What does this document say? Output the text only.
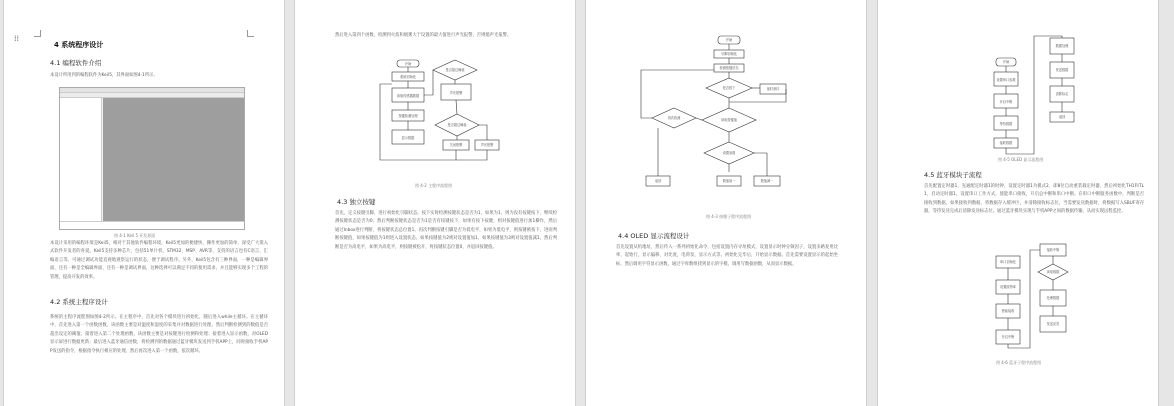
⁞⁞
4 系统程序设计
4.1 编程软件介绍
本设计所用到的编程软件为Keil5，其界面如图4-1所示。
图 4-1 Keil 5 开发界面
本设计采用的编程环境是Keil5，相对于其他软件编程环境，Keil5更加的便捷快，操作更加的简单，深受广大嵌入式软件开发者的喜爱。Keil5支持多种芯片，包括51单片机、STM32、MSP、AVR等，支持的语言也有C语言、汇编语言等。可通过调试功能直观地观察运行的状态，便于调试程序。另外，Keil5包含有三种界面，一种是编辑界面，还有一种是全编辑界面，还有一种是调试界面，这种选择可以满足不同的使用需求，并且能够实现多个工程的管理，提高开发的效率。
4.2 系统主程序设计
系统的主程序流程图如图4-2所示。在主程序中，首先对各个模块进行初始化，随后进入while主循环。在主循环中，首先进入第一个函数函数，该函数主要是对温度和湿度的采集并对数据进行处理，然后判断检测到的数值是否超出设定的阈值；接着进入第二个处理函数，该函数主要是对按键进行检测和处理；接着进入显示函数，对OLED显示屏进行数据更新；最后进入蓝牙通信函数，将检测到的数据通过蓝牙模块发送到手机APP上，同时接收手机APP发送的指令，根据指令执行相应的处理，然后再次进入第一个函数，依次循环。
然后进入第四个函数，检测到火焰和烟雾大于设置的最大值进行声光报警，否则熄声光报警。
开始
系统初始化
读取传感器数据
按键检测处理
显示数据
是否超过阈值
声光报警
是否超过阈值
关闭报警	声光报警
图 4-2 主程序流程图
4.3 独立按键
首先，定义按键引脚，进行初始化引脚状态。按下实时检测按键状态是否为1，如果为1，则为没有按键按下，继续检测按键状态是否为0；然后判断按键状态是否为1是否有按键按下，如果有按下按键，则对按键值进行加1操作，然后通过Inbox进行判断，将按键状态总位置1。再次判断按键引脚是否为低电平，如果为低电平，则按键被按下，进而判断按键值，如果按键值为1则进入设置状态，如果按键值为2则对设置值加1，如果按键值为3则对设置值减1，然后判断是否为高电平，如果为高电平，则按键被松开，将按键状态位置0，并返回按键值。
开始
引脚初始化
检测按键状态
是否按下	延时消抖
再次检测	读取按键值
设置参数
返回	数值加一	数值减一
图 4-3 按键子程序流程图
4.4 OLED 显示流程设计
首先设置从机地址，然后传入一系列初始化命令，包括设置内存寻址模式，设置显示时钟分频因子，设置多路复用比率，起始行，显示偏移，对比度，电荷泵，显示方式等。初始化完毕后，开始显示数据。首先需要设置显示的起始坐标，然后调用字符显示函数，通过字库数组找到显示的字模，调用写数据函数，从而显示数据。
开始
设置串口参数
开启中断
等待数据
接收数据
数据处理
发送数据
清除标志
返回
图 4-5 OLED 显示流程图
4.5 蓝牙模块子流程
首先配置定时器1，先通配定时器1的时钟，设置定时器1为模式2，即8位自动重装载定时器，然后初始化TH1和TL1，启动定时器1，设置串口工作方式，使能串口接收，开启总中断和串口中断。在串口中断服务函数中，判断是否接收到数据，如果接收到数据，将数据存入缓冲区，并清除接收标志位。当需要发送数据时，将数据写入SBUF寄存器，等待发送完成后清除发送标志位。通过蓝牙模块实现与手机APP之间的数据传输，从而实现远程监控。
串口初始化
设置波特率
使能接收
开启中断
接收中断
读取数据
处理数据
发送应答
图 4-6 蓝牙子程序流程图
